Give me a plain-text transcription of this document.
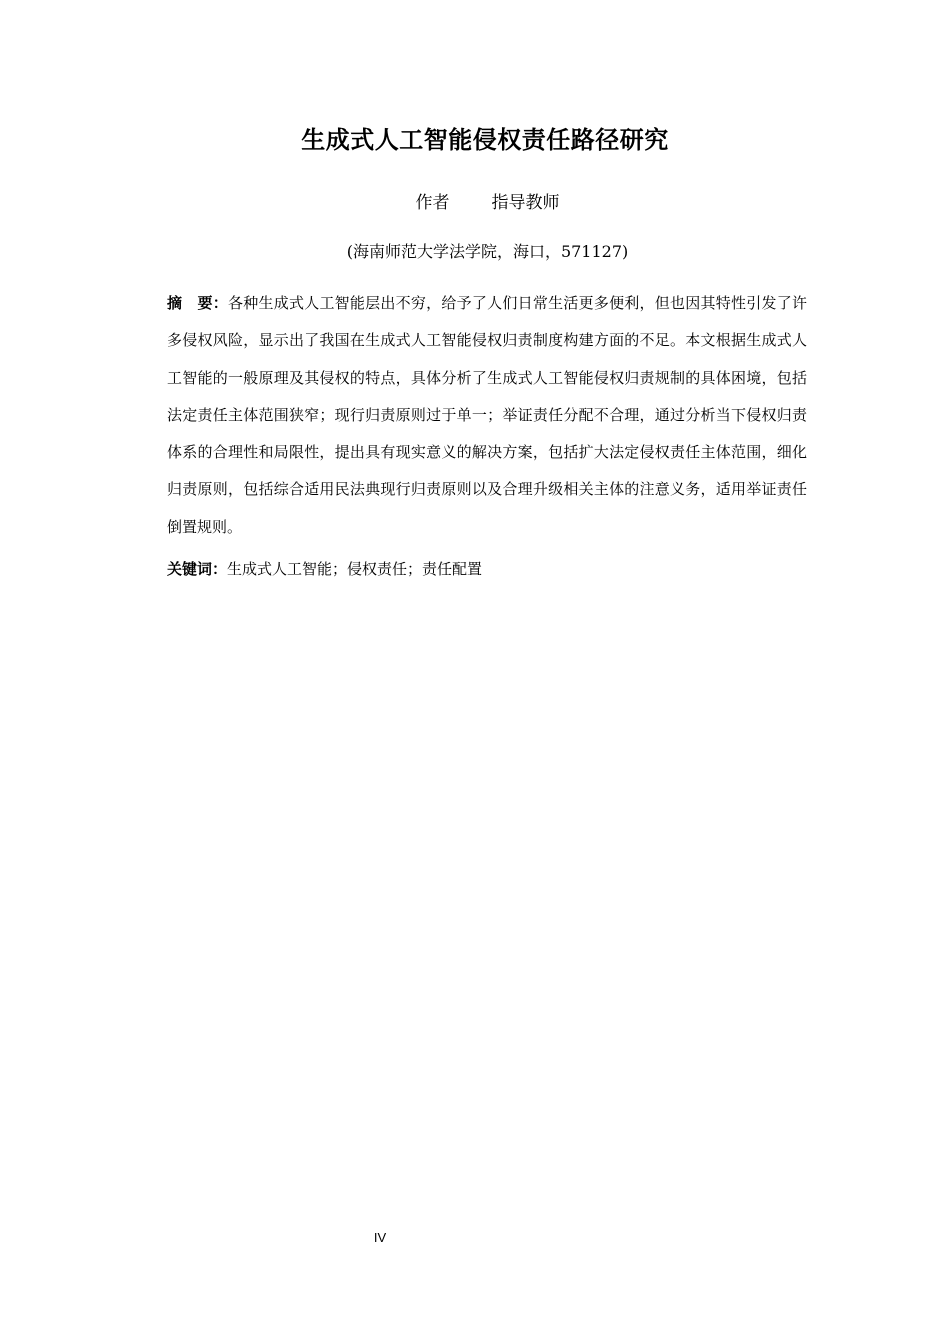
生成式人工智能侵权责任路径研究
作者 指导教师
(海南师范大学法学院，海口，571127)
摘　要：各种生成式人工智能层出不穷，给予了人们日常生活更多便利，但也因其特性引发了许多侵权风险，显示出了我国在生成式人工智能侵权归责制度构建方面的不足。本文根据生成式人工智能的一般原理及其侵权的特点，具体分析了生成式人工智能侵权归责规制的具体困境，包括法定责任主体范围狭窄；现行归责原则过于单一；举证责任分配不合理，通过分析当下侵权归责体系的合理性和局限性，提出具有现实意义的解决方案，包括扩大法定侵权责任主体范围，细化归责原则，包括综合适用民法典现行归责原则以及合理升级相关主体的注意义务，适用举证责任倒置规则。
关键词：生成式人工智能；侵权责任；责任配置
IV
